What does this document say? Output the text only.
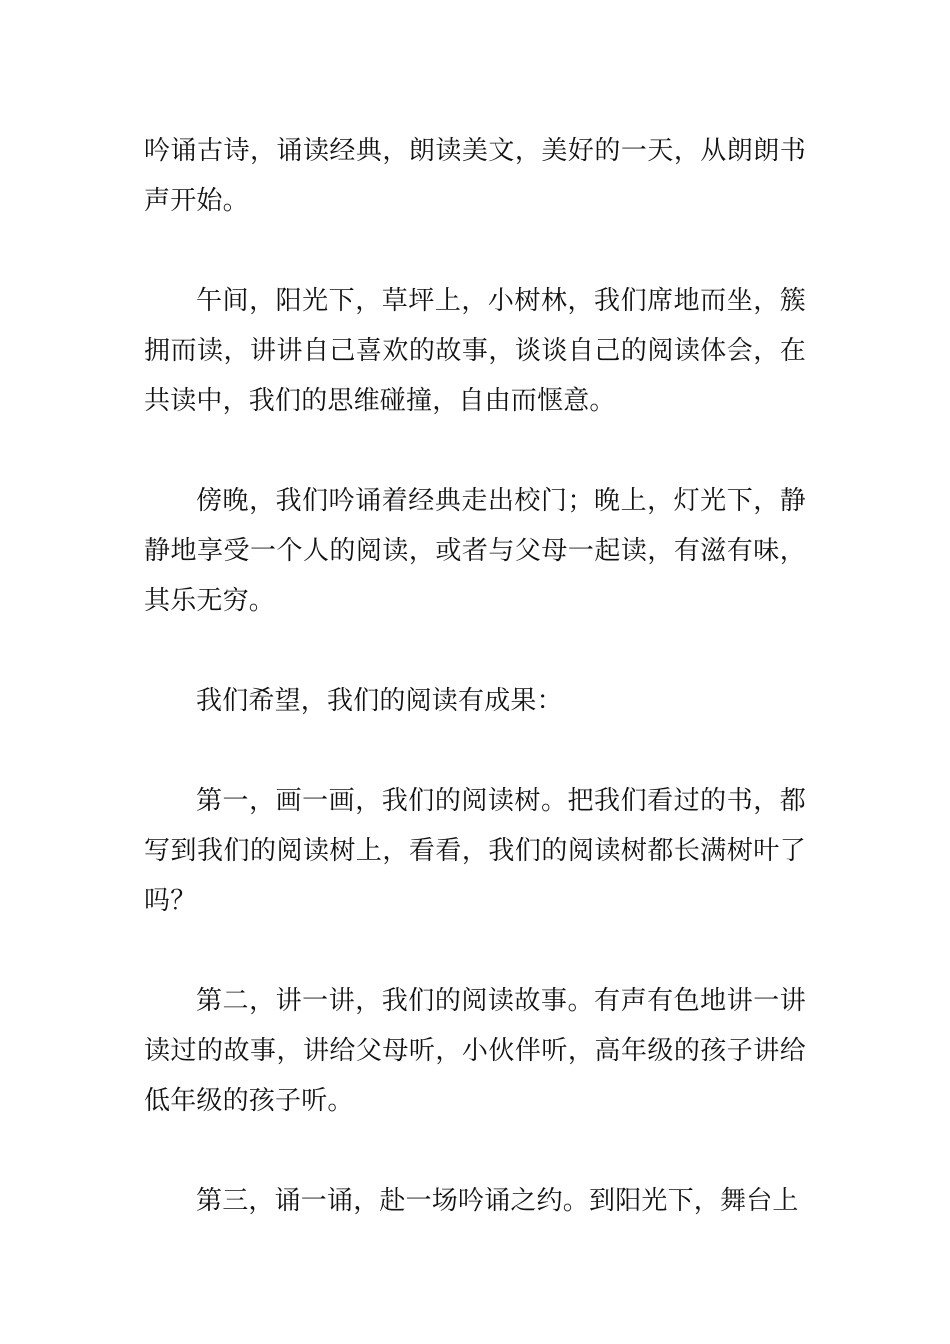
吟诵古诗，诵读经典，朗读美文，美好的一天，从朗朗书声开始。

午间，阳光下，草坪上，小树林，我们席地而坐，簇拥而读，讲讲自己喜欢的故事，谈谈自己的阅读体会，在共读中，我们的思维碰撞，自由而惬意。

傍晚，我们吟诵着经典走出校门；晚上，灯光下，静静地享受一个人的阅读，或者与父母一起读，有滋有味，其乐无穷。

我们希望，我们的阅读有成果：

第一，画一画，我们的阅读树。把我们看过的书，都写到我们的阅读树上，看看，我们的阅读树都长满树叶了吗？

第二，讲一讲，我们的阅读故事。有声有色地讲一讲读过的故事，讲给父母听，小伙伴听，高年级的孩子讲给低年级的孩子听。

第三，诵一诵，赴一场吟诵之约。到阳光下，舞台上
